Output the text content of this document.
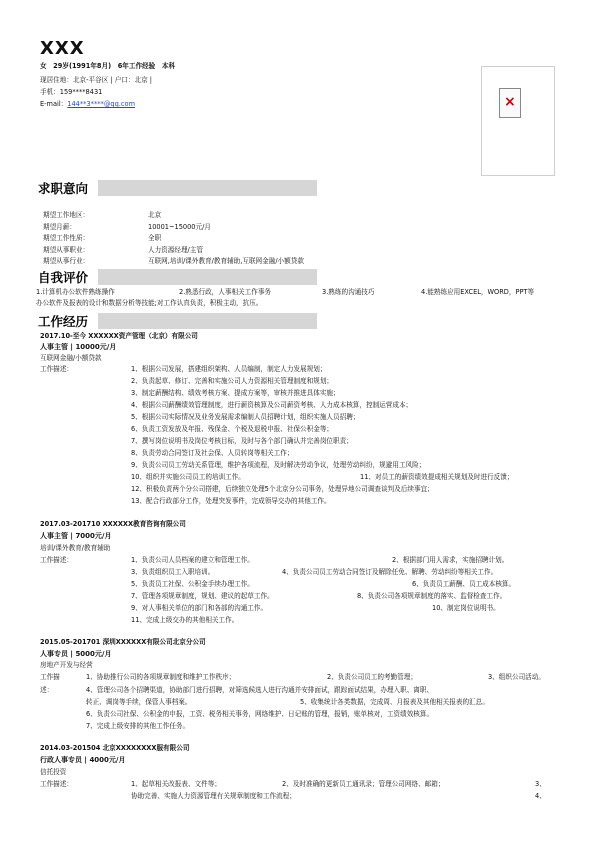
XXX
女　29岁(1991年8月)　6年工作经验　本科
现居住地：北京-平谷区 | 户口：北京 |
手机：159****8431
E-mail：144**3****@qq.com	×
求职意向
期望工作地区：	北京
期望月薪：	10001~15000元/月
期望工作性质：	全职
期望从事职业：	人力资源经理/主管
期望从事行业：	互联网,培训/课外教育/教育辅助,互联网金融/小额贷款
自我评价
1.计算机办公软件熟练操作	2.熟悉行政，人事相关工作事务	3.熟练的沟通技巧	4.能熟练应用EXCEL，WORD，PPT等
办公软件及报表的设计和数据分析等技能;对工作认真负责，积极主动，抗压。
工作经历
2017.10-至今 XXXXXX资产管理（北京）有限公司
人事主管 | 10000元/月
互联网金融/小额贷款
工作描述：	1、根据公司发展，搭建组织架构、人员编制，制定人力发展规划；
2、负责起草、修订、完善和实施公司人力资源相关管理制度和规划；
3、制定薪酬结构、绩效考核方案、提成方案等，审核并推进具体实施；
4、根据公司薪酬绩效管理制度，进行薪资核算及公司薪资考核、人力成本核算，控制运营成本；
5、根据公司实际情况及业务发展需求编制人员招聘计划，组织实施人员招聘；
6、负责工资发放及年报、残保金、个税及退税申报、社保公积金等；
7、撰写岗位说明书及岗位考核目标，及时与各个部门确认并完善岗位职责；
8、负责劳动合同签订及社会保、人员转岗等相关工作；
9、负责公司员工劳动关系管理，维护各项流程，及时解决劳动争议，处理劳动纠纷，规避用工风险；
10、组织并实施公司员工的培训工作。	11、对员工的薪资绩效提成相关规划及时进行反馈；
12、积极负责两个分公司搭建，后续独立处理5个北京分公司事务，处理异地公司调查谈判及后续事宜；
13、配合行政部分工作，处理突发事件，完成领导交办的其他工作。
2017.03-201710 XXXXXX教育咨询有限公司
人事主管 | 7000元/月
培训/课外教育/教育辅助
工作描述：	1、负责公司人员档案的建立和管理工作。	2、根据部门用人需求，实施招聘计划。
3、负责组织员工入职培训。	4、负责公司员工劳动合同签订及解除任免、解聘、劳动纠纷等相关工作。
5、负责员工社保、公积金手续办理工作。	6、负责员工薪酬、员工成本核算。
7、管理各项规章制度，规划、建议的起草工作。	8、负责公司各项规章制度的落实、监督检查工作。
9、对人事相关单位的部门和各部的沟通工作。	10、制定岗位说明书。
11、完成上级交办的其他相关工作。
2015.05-201701 深圳XXXXXX有限公司北京分公司
人事专员 | 5000元/月
房地产开发与经营
工作描
述：
1、协助推行公司的各项规章制度和维护工作秩序；	2、负责公司员工的考勤管理；	3、组织公司活动。
4、管理公司各个招聘渠道，协助部门进行招聘，对筛选候选人进行沟通并安排面试，跟踪面试结果，办理入职、离职、
转正、调岗等手续，保管人事档案。	5、收集统计各类数据，完成周、月报表及其他相关报表的汇总。
6、负责公司社保、公积金的申报，工资、税务相关事务，网络维护、日记账的管理，报销，账单核对，工资绩效核算。
7、完成上级安排的其他工作任务。
2014.03-201504 北京XXXXXXXX服有限公司
行政人事专员 | 4000元/月
信托投资
工作描述：	1、起草相关改报表、文件等；	2、及时准确的更新员工通讯录；管理公司网络、邮箱；	3、
协助完善、实施人力资源管理有关规章制度和工作流程；	4、
